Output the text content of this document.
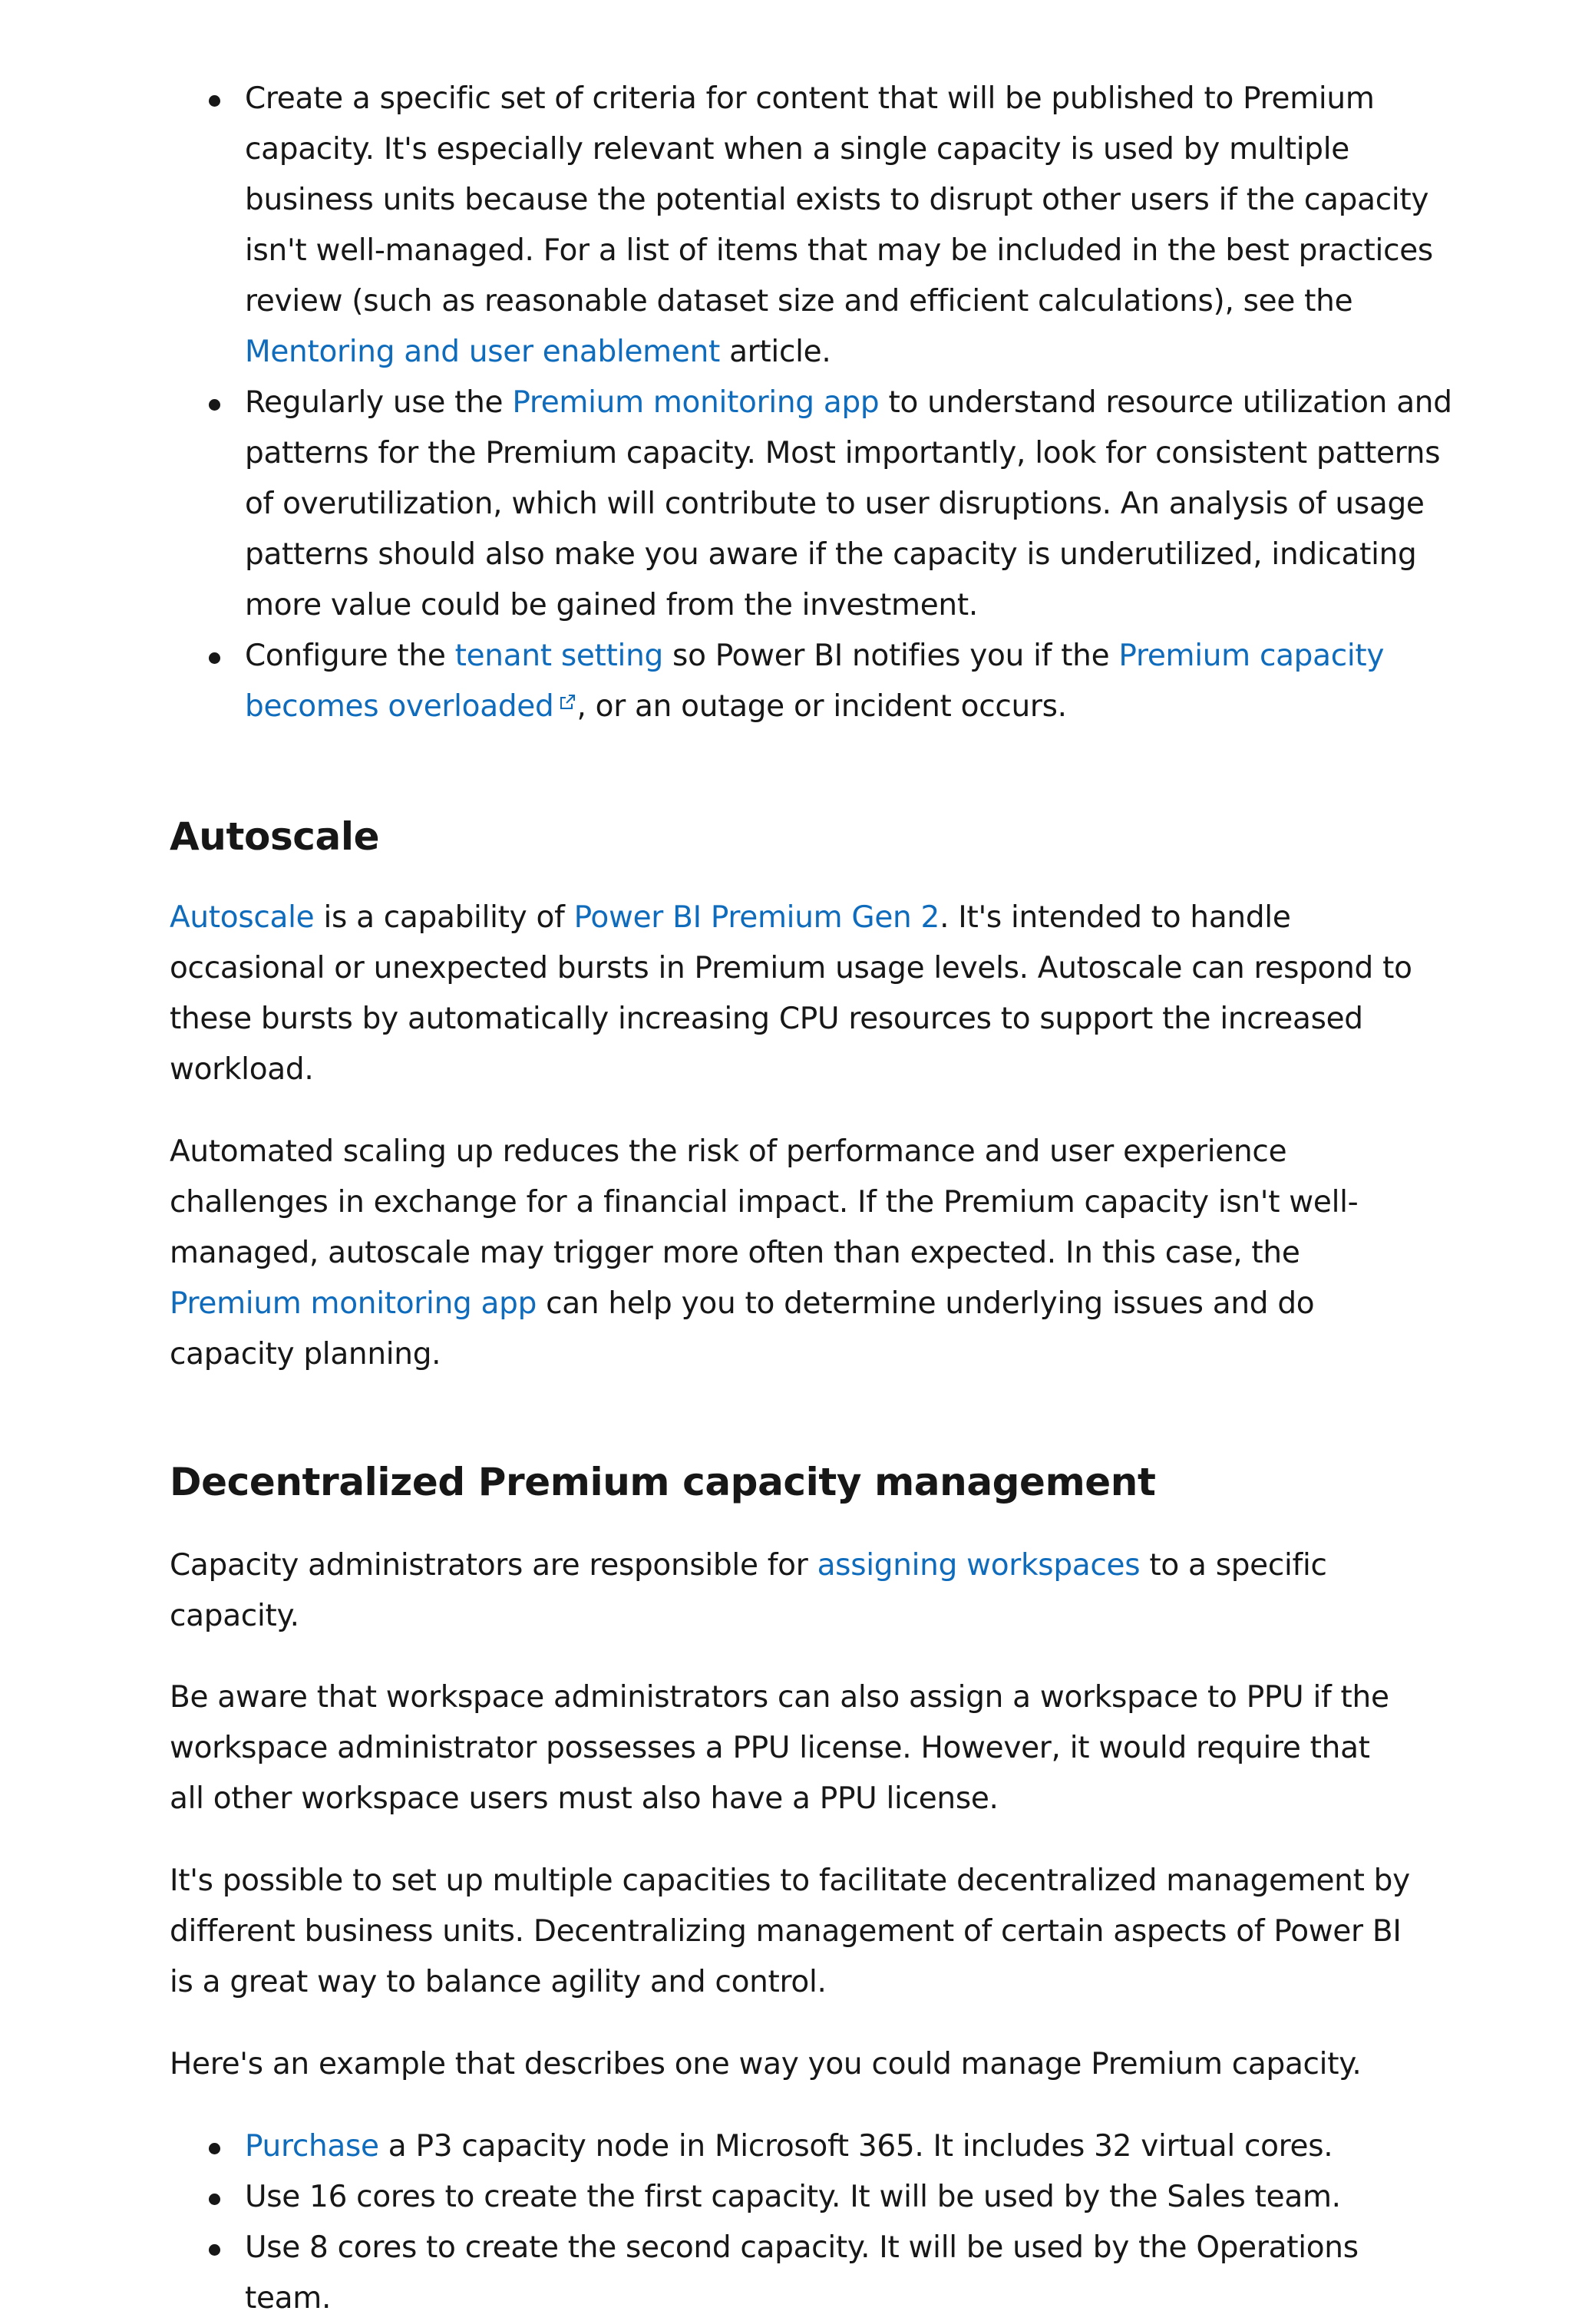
Create a specific set of criteria for content that will be published to Premium capacity. It's especially relevant when a single capacity is used by multiple business units because the potential exists to disrupt other users if the capacity isn't well-managed. For a list of items that may be included in the best practices review (such as reasonable dataset size and efficient calculations), see the Mentoring and user enablement article.
Regularly use the Premium monitoring app to understand resource utilization and patterns for the Premium capacity. Most importantly, look for consistent patterns of overutilization, which will contribute to user disruptions. An analysis of usage patterns should also make you aware if the capacity is underutilized, indicating more value could be gained from the investment.
Configure the tenant setting so Power BI notifies you if the Premium capacity becomes overloaded , or an outage or incident occurs.
Autoscale

Autoscale is a capability of Power BI Premium Gen 2. It's intended to handle occasional or unexpected bursts in Premium usage levels. Autoscale can respond to these bursts by automatically increasing CPU resources to support the increased workload.

Automated scaling up reduces the risk of performance and user experience challenges in exchange for a financial impact. If the Premium capacity isn't well-managed, autoscale may trigger more often than expected. In this case, the Premium monitoring app can help you to determine underlying issues and do capacity planning.

Decentralized Premium capacity management

Capacity administrators are responsible for assigning workspaces to a specific capacity.

Be aware that workspace administrators can also assign a workspace to PPU if the workspace administrator possesses a PPU license. However, it would require that all other workspace users must also have a PPU license.

It's possible to set up multiple capacities to facilitate decentralized management by different business units. Decentralizing management of certain aspects of Power BI is a great way to balance agility and control.

Here's an example that describes one way you could manage Premium capacity.

Purchase a P3 capacity node in Microsoft 365. It includes 32 virtual cores.
Use 16 cores to create the first capacity. It will be used by the Sales team.
Use 8 cores to create the second capacity. It will be used by the Operations team.
